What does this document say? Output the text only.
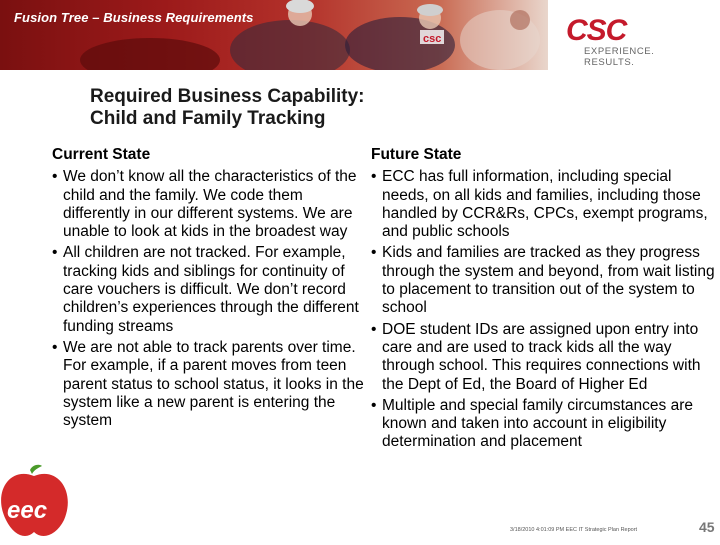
csc
Fusion Tree – Business Requirements	CSC
EXPERIENCE. RESULTS.
Required Business Capability:
Child and Family Tracking
Current State
• We don’t know all the characteristics of the child and the family. We code them differently in our different systems. We are unable to look at kids in the broadest way
• All children are not tracked. For example, tracking kids and siblings for continuity of care vouchers is difficult. We don’t record children’s experiences through the different funding streams
• We are not able to track parents over time. For example, if a parent moves from teen parent status to school status, it looks in the system like a new parent is entering the system
Future State
• ECC has full information, including special needs, on all kids and families, including those handled by CCR&Rs, CPCs, exempt programs, and public schools
• Kids and families are tracked as they progress through the system and beyond, from wait listing to placement to transition out of the system to school
• DOE student IDs are assigned upon entry into care and are used to track kids all the way through school. This requires connections with the Dept of Ed, the Board of Higher Ed
• Multiple and special family circumstances are known and taken into account in eligibility determination and placement
eec
3/18/2010 4:01:09 PM EEC IT Strategic Plan Report	45
